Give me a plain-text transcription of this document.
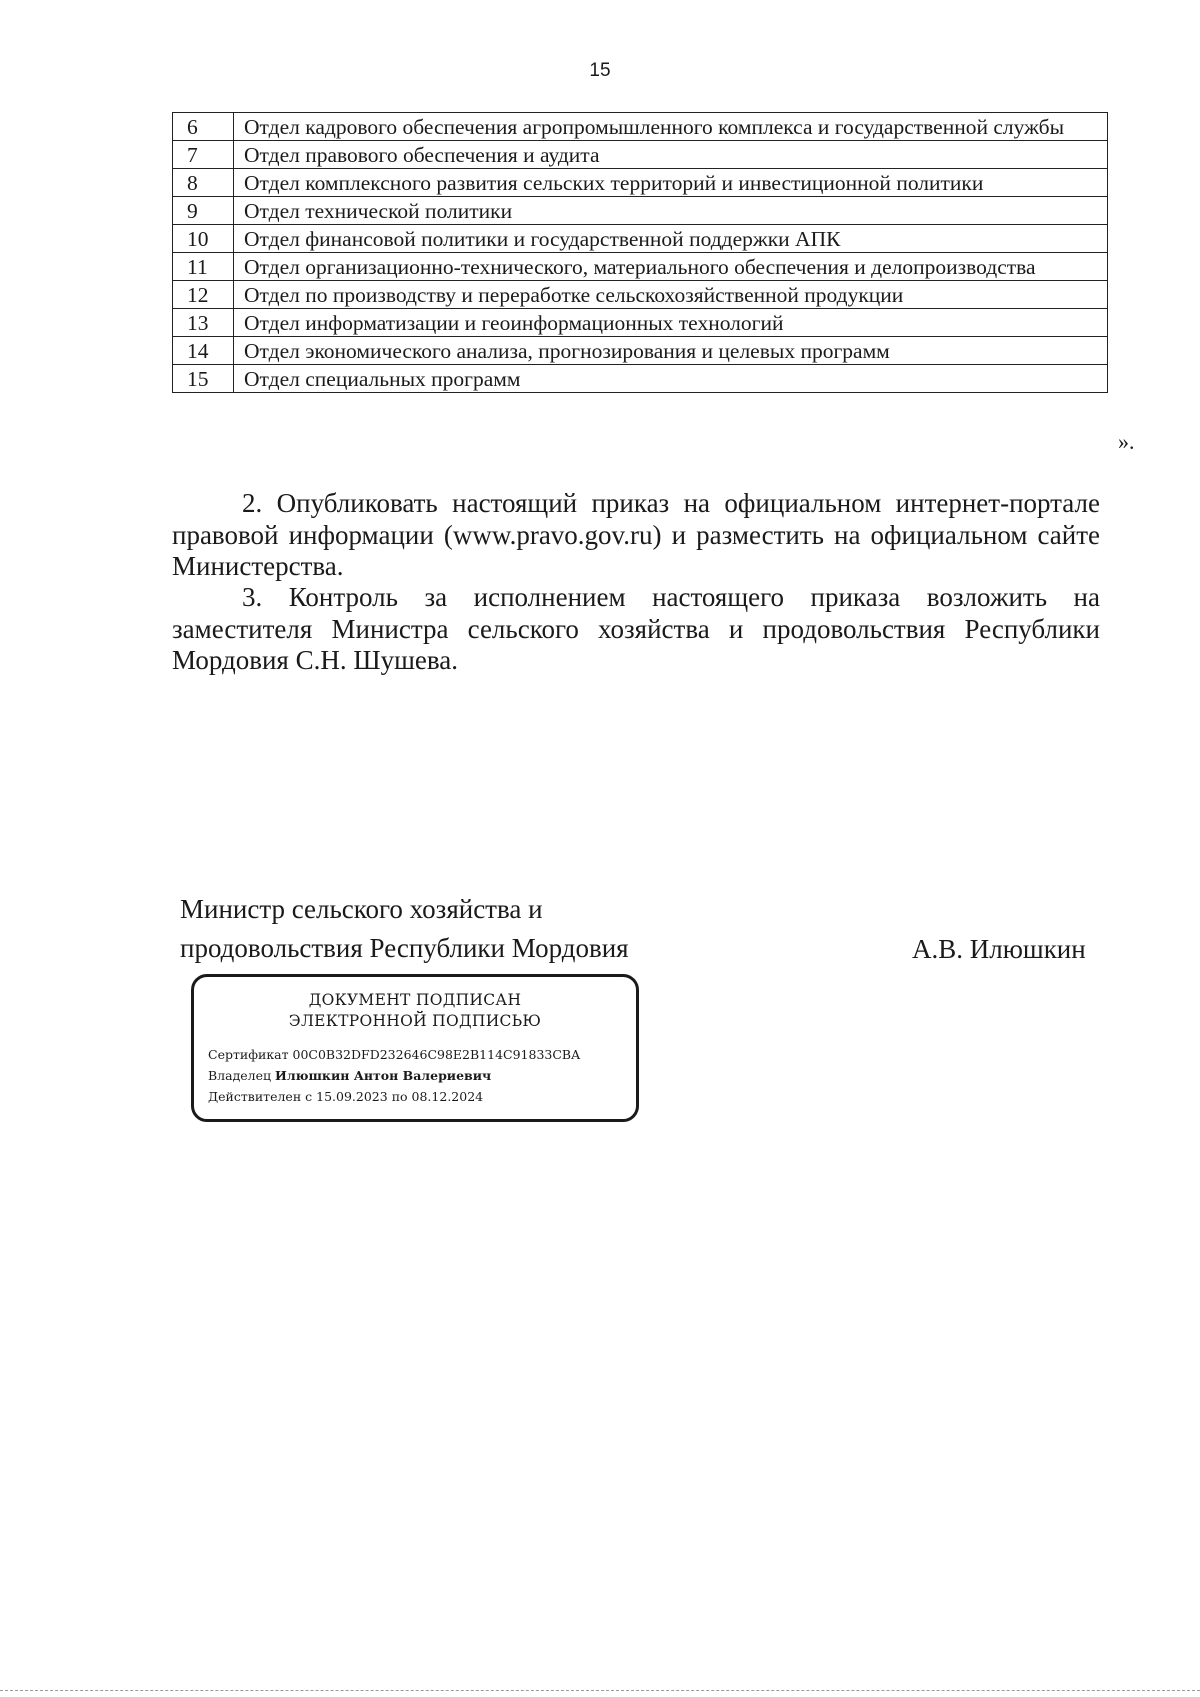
15
6	Отдел кадрового обеспечения агропромышленного комплекса и государственной службы
7	Отдел правового обеспечения и аудита
8	Отдел комплексного развития сельских территорий и инвестиционной политики
9	Отдел технической политики
10	Отдел финансовой политики и государственной поддержки АПК
11	Отдел организационно-технического, материального обеспечения и делопроизводства
12	Отдел по производству и переработке сельскохозяйственной продукции
13	Отдел информатизации и геоинформационных технологий
14	Отдел экономического анализа, прогнозирования и целевых программ
15	Отдел специальных программ
».

2. Опубликовать настоящий приказ на официальном интернет-портале правовой информации (www.pravo.gov.ru) и разместить на официальном сайте Министерства.

3. Контроль за исполнением настоящего приказа возложить на заместителя Министра сельского хозяйства и продовольствия Республики Мордовия С.Н. Шушева.

Министр сельского хозяйства и
продовольствия Республики Мордовия	А.В. Илюшкин
ДОКУМЕНТ ПОДПИСАН
ЭЛЕКТРОННОЙ ПОДПИСЬЮ
Сертификат 00C0B32DFD232646C98E2B114C91833CBA
Владелец Илюшкин Антон Валериевич
Действителен с 15.09.2023 по 08.12.2024
